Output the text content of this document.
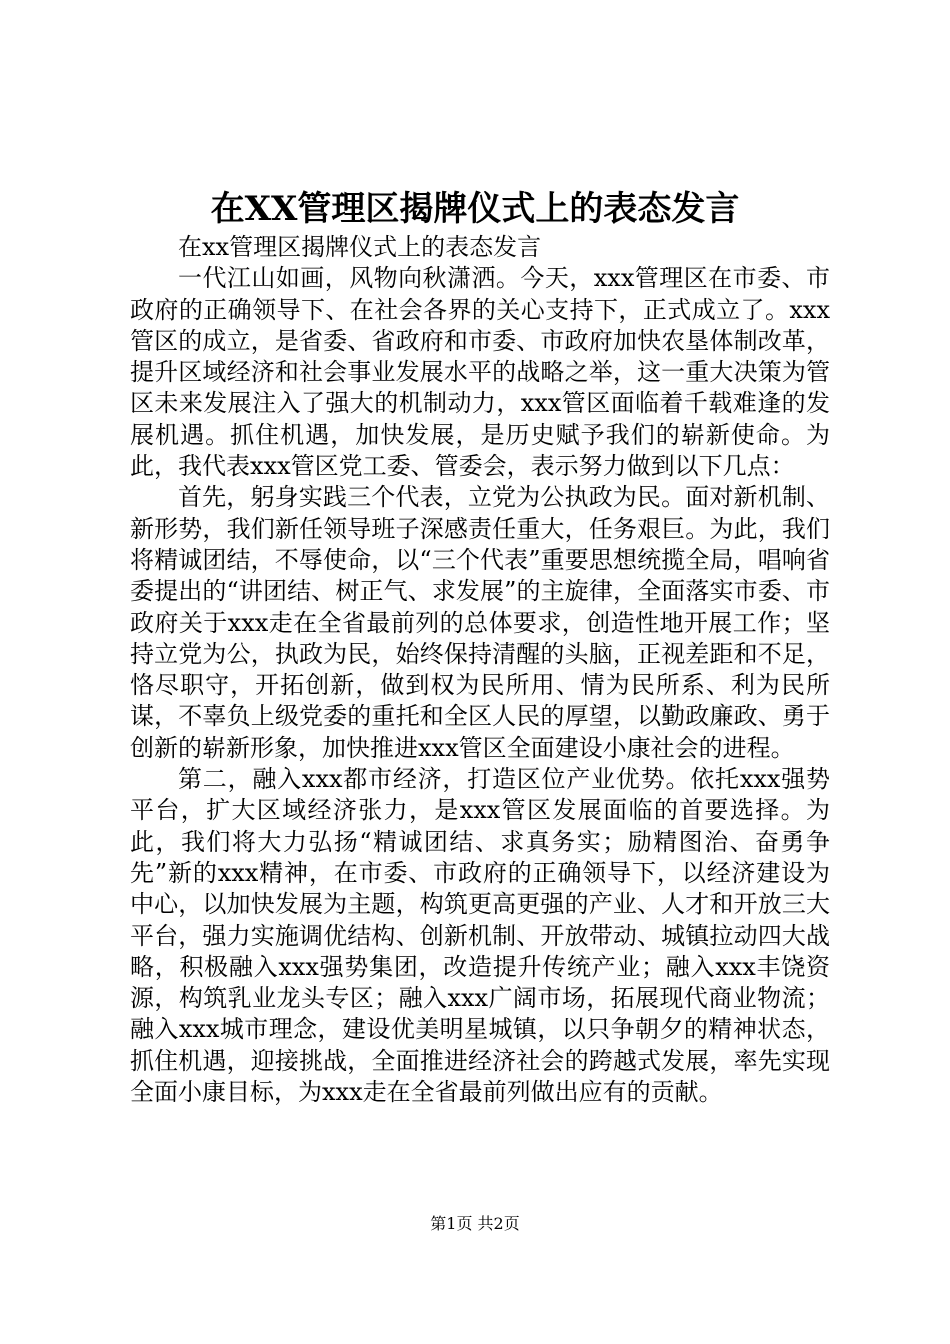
在XX管理区揭牌仪式上的表态发言

在xx管理区揭牌仪式上的表态发言

一代江山如画，风物向秋潇洒。今天，xxx管理区在市委、市政府的正确领导下、在社会各界的关心支持下，正式成立了。xxx管区的成立，是省委、省政府和市委、市政府加快农垦体制改革，提升区域经济和社会事业发展水平的战略之举，这一重大决策为管区未来发展注入了强大的机制动力，xxx管区面临着千载难逢的发展机遇。抓住机遇，加快发展，是历史赋予我们的崭新使命。为此，我代表xxx管区党工委、管委会，表示努力做到以下几点：

首先，躬身实践三个代表，立党为公执政为民。面对新机制、新形势，我们新任领导班子深感责任重大，任务艰巨。为此，我们将精诚团结，不辱使命，以“三个代表”重要思想统揽全局，唱响省委提出的“讲团结、树正气、求发展”的主旋律，全面落实市委、市政府关于xxx走在全省最前列的总体要求，创造性地开展工作；坚持立党为公，执政为民，始终保持清醒的头脑，正视差距和不足，恪尽职守，开拓创新，做到权为民所用、情为民所系、利为民所谋，不辜负上级党委的重托和全区人民的厚望，以勤政廉政、勇于创新的崭新形象，加快推进xxx管区全面建设小康社会的进程。

第二，融入xxx都市经济，打造区位产业优势。依托xxx强势平台，扩大区域经济张力，是xxx管区发展面临的首要选择。为此，我们将大力弘扬“精诚团结、求真务实；励精图治、奋勇争先”新的xxx精神，在市委、市政府的正确领导下，以经济建设为中心，以加快发展为主题，构筑更高更强的产业、人才和开放三大平台，强力实施调优结构、创新机制、开放带动、城镇拉动四大战略，积极融入xxx强势集团，改造提升传统产业；融入xxx丰饶资源，构筑乳业龙头专区；融入xxx广阔市场，拓展现代商业物流；融入xxx城市理念，建设优美明星城镇，以只争朝夕的精神状态，抓住机遇，迎接挑战，全面推进经济社会的跨越式发展，率先实现全面小康目标，为xxx走在全省最前列做出应有的贡献。

第1页 共2页
